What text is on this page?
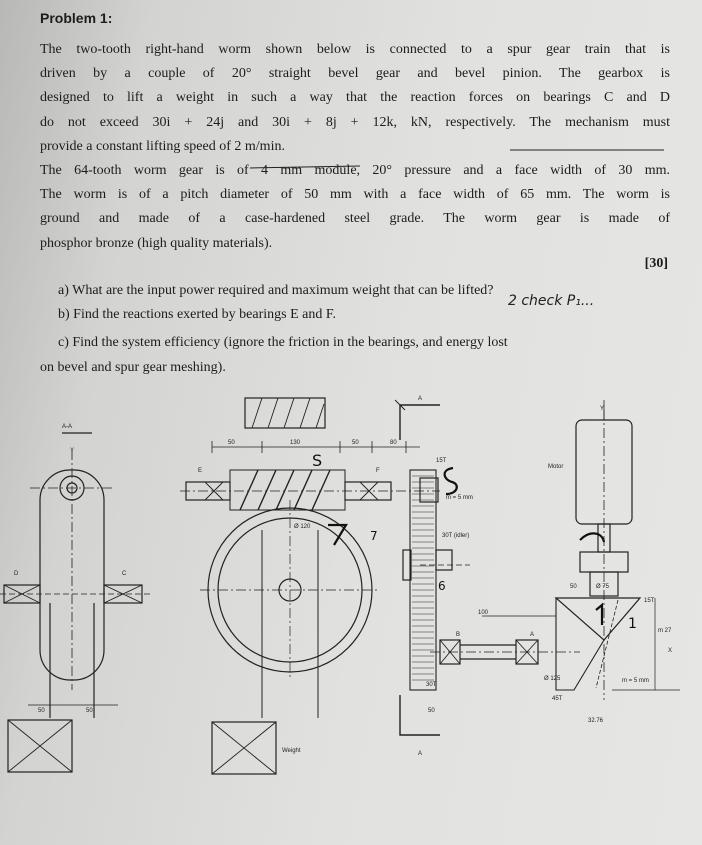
Problem 1:
The two-tooth right-hand worm shown below is connected to a spur gear train that is
driven by a couple of 20° straight bevel gear and bevel pinion. The gearbox is
designed to lift a weight in such a way that the reaction forces on bearings C and D
do not exceed 30i + 24j and 30i + 8j + 12k, kN, respectively. The mechanism must
provide a constant lifting speed of 2 m/min.
The 64-tooth worm gear is of 4 mm module, 20° pressure and a face width of 30 mm.
The worm is of a pitch diameter of 50 mm with a face width of 65 mm. The worm is
ground and made of a case-hardened steel grade. The worm gear is made of
phosphor bronze (high quality materials).
[30]
a) What are the input power required and maximum weight that can be lifted?
b) Find the reactions exerted by bearings E and F.
c) Find the system efficiency (ignore the friction in the bearings, and energy lost
on bevel and spur gear meshing).
2 check P₁...
A-A
Y
D	C
50	50
50	130	50	80
A
A
E	F
Ø 120
15T
m = 5 mm
30T (idler)
30T
50
100
B	A
Y
Motor
50	Ø 75
15T
m 27
X
Ø 125	m = 5 mm
45T
32.76
Weight
S
6
7
1
